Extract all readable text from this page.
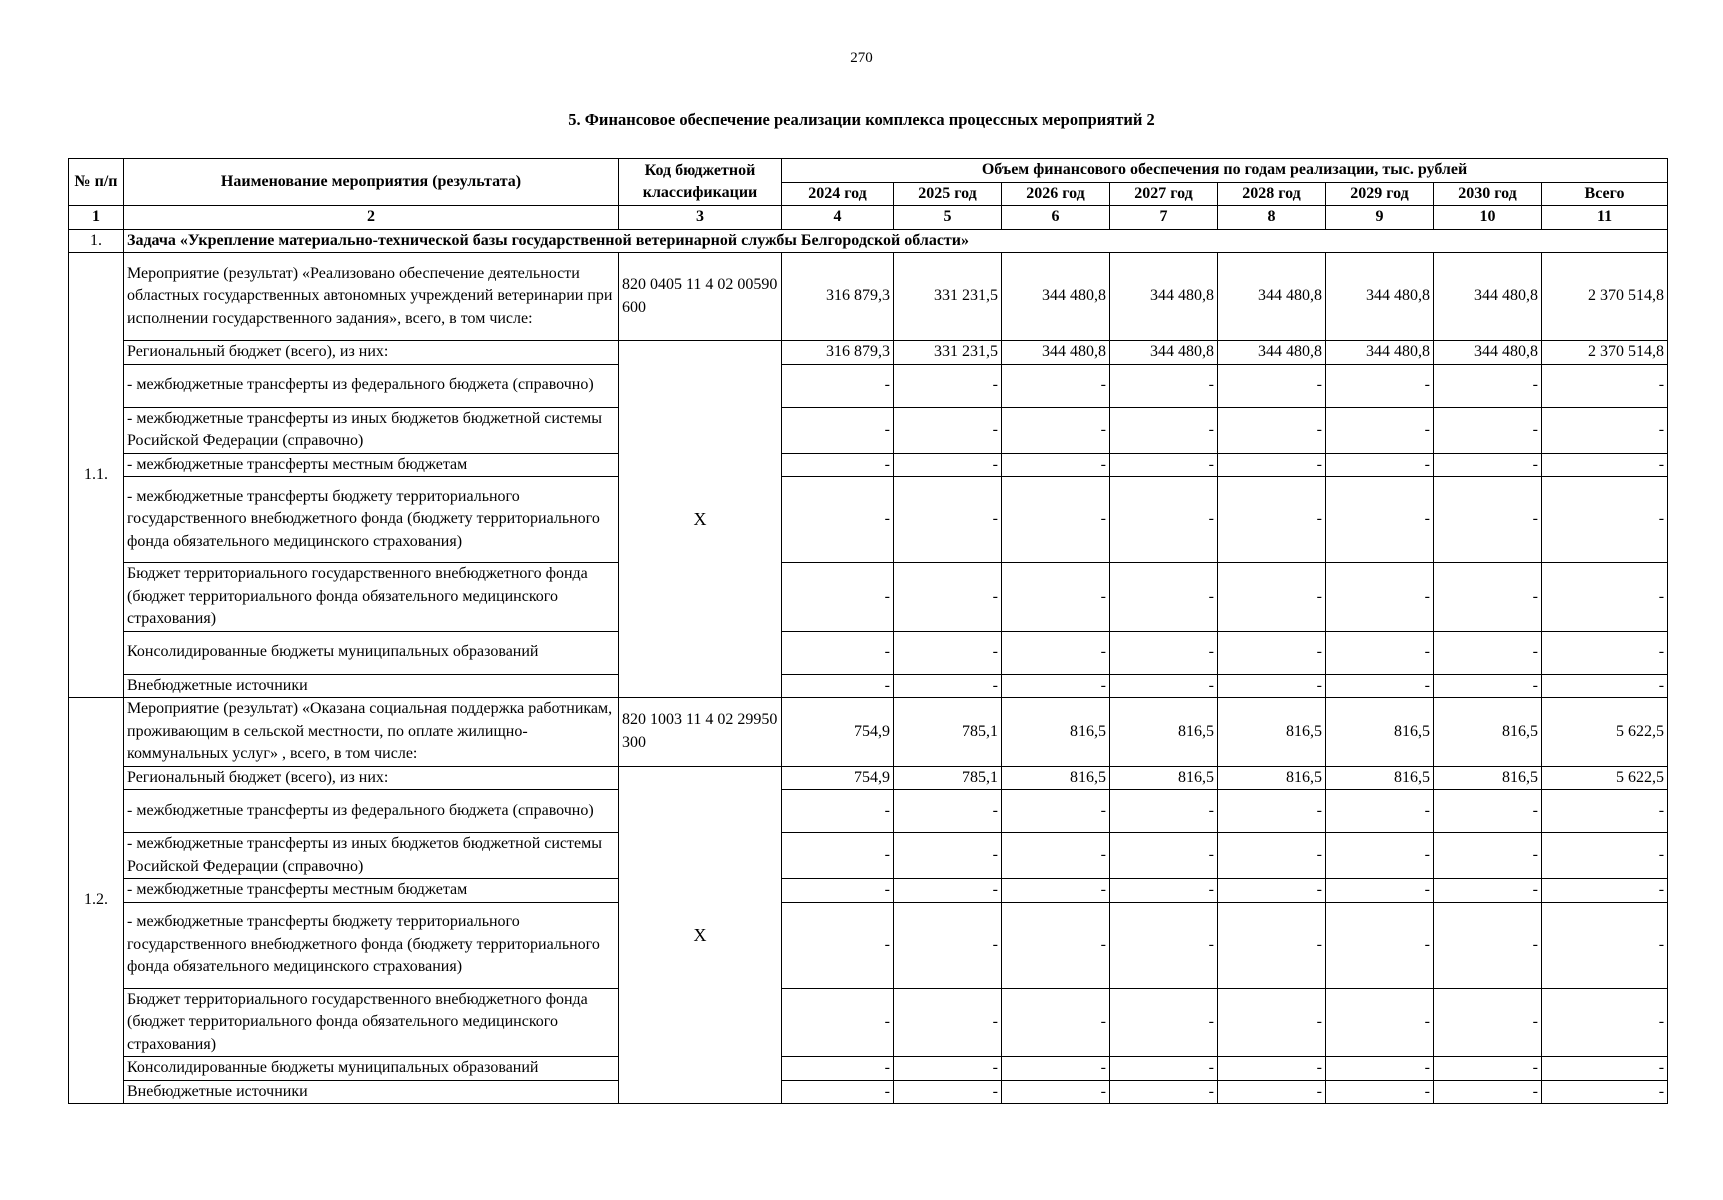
270
5. Финансовое обеспечение реализации комплекса процессных мероприятий 2
№ п/п	Наименование мероприятия (результата)	Код бюджетной классификации	Объем финансового обеспечения по годам реализации, тыс. рублей							
			2024 год	2025 год	2026 год	2027 год	2028 год	2029 год	2030 год	Всего
1	2	3	4	5	6	7	8	9	10	11
1.	Задача «Укрепление материально-технической базы государственной ветеринарной службы Белгородской области»									
1.1.	Мероприятие (результат) «Реализовано обеспечение деятельности областных государственных автономных учреждений ветеринарии при исполнении государственного задания», всего, в том числе:	820 0405 11 4 02 00590 600	316 879,3	331 231,5	344 480,8	344 480,8	344 480,8	344 480,8	344 480,8	2 370 514,8
	Региональный бюджет (всего), из них:	Х	316 879,3	331 231,5	344 480,8	344 480,8	344 480,8	344 480,8	344 480,8	2 370 514,8
	- межбюджетные трансферты из федерального бюджета (справочно)		-	-	-	-	-	-	-	-
	- межбюджетные трансферты из иных бюджетов бюджетной системы Росийской Федерации (справочно)		-	-	-	-	-	-	-	-
	- межбюджетные трансферты местным бюджетам		-	-	-	-	-	-	-	-
	- межбюджетные трансферты бюджету территориального государственного внебюджетного фонда (бюджету территориального фонда обязательного медицинского страхования)		-	-	-	-	-	-	-	-
	Бюджет территориального государственного внебюджетного фонда (бюджет территориального фонда обязательного медицинского страхования)		-	-	-	-	-	-	-	-
	Консолидированные бюджеты муниципальных образований		-	-	-	-	-	-	-	-
	Внебюджетные источники		-	-	-	-	-	-	-	-
1.2.	Мероприятие (результат) «Оказана социальная поддержка работникам, проживающим в сельской местности, по оплате жилищно-коммунальных услуг» , всего, в том числе:	820 1003 11 4 02 29950 300	754,9	785,1	816,5	816,5	816,5	816,5	816,5	5 622,5
	Региональный бюджет (всего), из них:	Х	754,9	785,1	816,5	816,5	816,5	816,5	816,5	5 622,5
	- межбюджетные трансферты из федерального бюджета (справочно)		-	-	-	-	-	-	-	-
	- межбюджетные трансферты из иных бюджетов бюджетной системы Росийской Федерации (справочно)		-	-	-	-	-	-	-	-
	- межбюджетные трансферты местным бюджетам		-	-	-	-	-	-	-	-
	- межбюджетные трансферты бюджету территориального государственного внебюджетного фонда (бюджету территориального фонда обязательного медицинского страхования)		-	-	-	-	-	-	-	-
	Бюджет территориального государственного внебюджетного фонда (бюджет территориального фонда обязательного медицинского страхования)		-	-	-	-	-	-	-	-
	Консолидированные бюджеты муниципальных образований		-	-	-	-	-	-	-	-
	Внебюджетные источники		-	-	-	-	-	-	-	-
